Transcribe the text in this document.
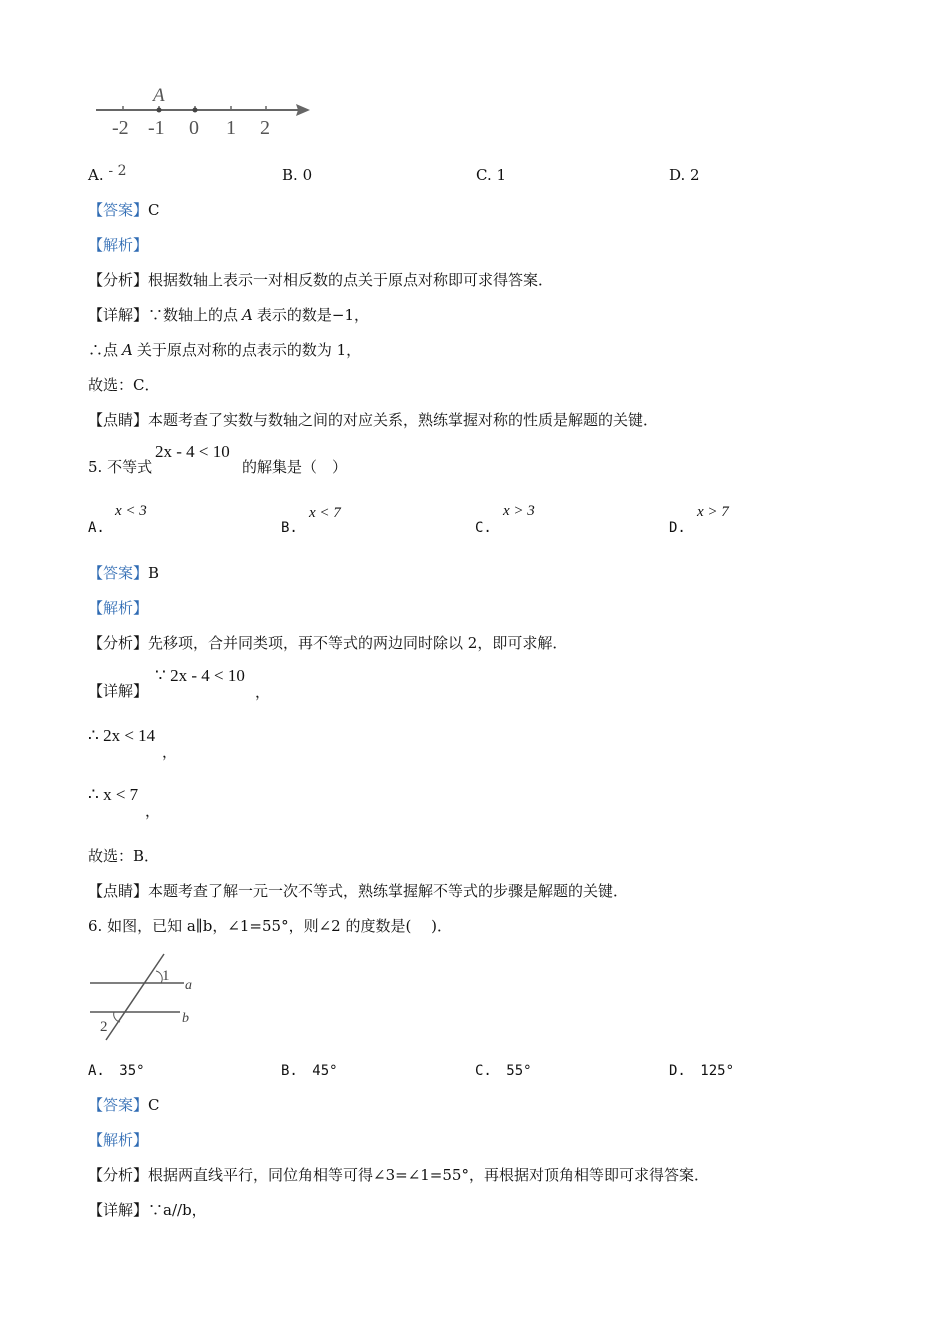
A
-2 -1 0 1 2
A. - 2	B. 0	C. 1	D. 2
【答案】C
【解析】
【分析】根据数轴上表示一对相反数的点关于原点对称即可求得答案．
【详解】∵数轴上的点 A 表示的数是−1，
∴点 A 关于原点对称的点表示的数为 1，
故选：C．
【点睛】本题考查了实数与数轴之间的对应关系，熟练掌握对称的性质是解题的关键．
5. 不等式
2x - 4 < 10
的解集是（　）
A.
x < 3
B.
x < 7
C.
x > 3
D.
x > 7
【答案】B
【解析】
【分析】先移项，合并同类项，再不等式的两边同时除以 2，即可求解．
【详解】
∵ 2x - 4 < 10
，
∴ 2x < 14
，
∴ x < 7
，
故选：B．
【点睛】本题考查了解一元一次不等式，熟练掌握解不等式的步骤是解题的关键．
6. 如图，已知 a∥b，∠1=55°，则∠2 的度数是(　 )．
1
a
2
b
A. 35°	B. 45°	C. 55°	D. 125°
【答案】C
【解析】
【分析】根据两直线平行，同位角相等可得∠3=∠1=55°，再根据对顶角相等即可求得答案．
【详解】∵a//b，
